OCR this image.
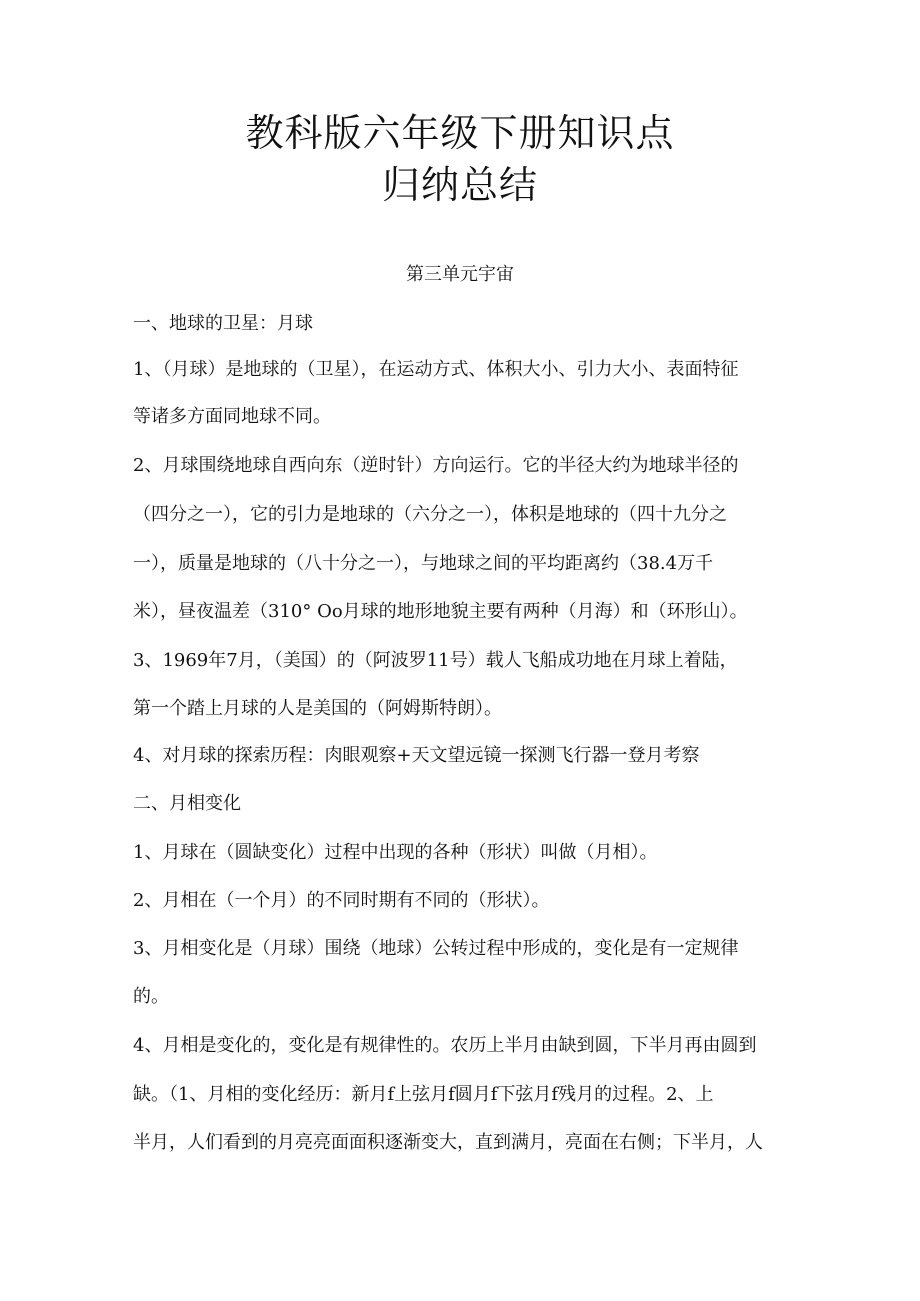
教科版六年级下册知识点
归纳总结
第三单元宇宙
一、地球的卫星：月球
1、（月球）是地球的（卫星），在运动方式、体积大小、引力大小、表面特征
等诸多方面同地球不同。
2、月球围绕地球自西向东（逆时针）方向运行。它的半径大约为地球半径的
（四分之一），它的引力是地球的（六分之一），体积是地球的（四十九分之
一），质量是地球的（八十分之一），与地球之间的平均距离约（38.4万千
米），昼夜温差（310° Oo月球的地形地貌主要有两种（月海）和（环形山）。
3、1969年7月，（美国）的（阿波罗11号）载人飞船成功地在月球上着陆，
第一个踏上月球的人是美国的（阿姆斯特朗）。
4、对月球的探索历程：肉眼观察+天文望远镜一探测飞行器一登月考察
二、月相变化
1、月球在（圆缺变化）过程中出现的各种（形状）叫做（月相）。
2、月相在（一个月）的不同时期有不同的（形状）。
3、月相变化是（月球）围绕（地球）公转过程中形成的，变化是有一定规律
的。
4、月相是变化的，变化是有规律性的。农历上半月由缺到圆，下半月再由圆到
缺。（1、月相的变化经历：新月f上弦月f圆月f下弦月f残月的过程。2、上
半月，人们看到的月亮亮面面积逐渐变大，直到满月，亮面在右侧；下半月，人
